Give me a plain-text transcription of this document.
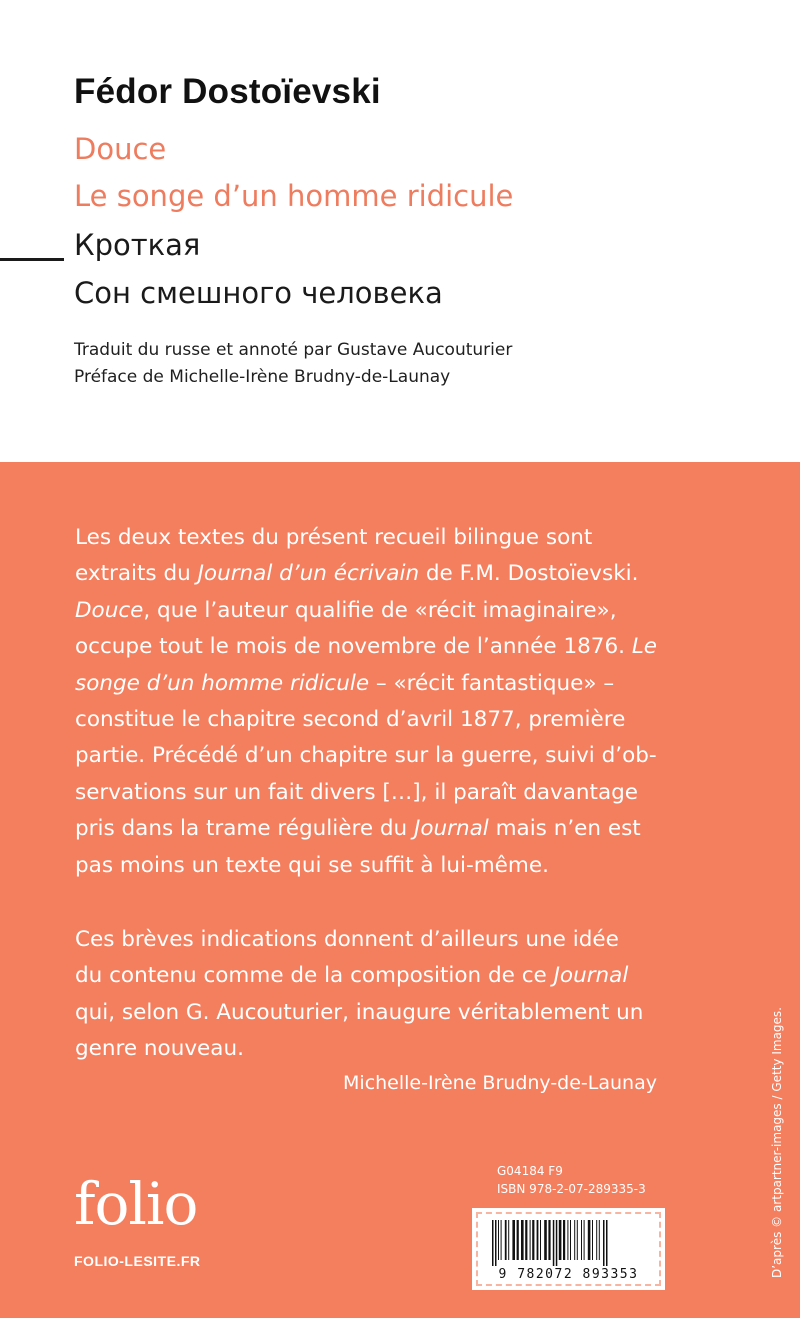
Fédor Dostoïevski

Douce

Le songe d’un homme ridicule

Кроткая

Сон смешного человека

Traduit du russe et annoté par Gustave Aucouturier

Préface de Michelle-Irène Brudny-de-Launay

Les deux textes du présent recueil bilingue sont
extraits du Journal d’un écrivain de F.M. Dostoïevski.
Douce, que l’auteur qualifie de «récit imaginaire»,
occupe tout le mois de novembre de l’année 1876. Le
songe d’un homme ridicule – «récit fantastique» –
constitue le chapitre second d’avril 1877, première
partie. Précédé d’un chapitre sur la guerre, suivi d’ob-
servations sur un fait divers […], il paraît davantage
pris dans la trame régulière du Journal mais n’en est
pas moins un texte qui se suffit à lui-même.
Ces brèves indications donnent d’ailleurs une idée
du contenu comme de la composition de ce Journal
qui, selon G. Aucouturier, inaugure véritablement un
genre nouveau.

Michelle-Irène Brudny-de-Launay

G04184 F9

ISBN 978-2-07-289335-3

folio

FOLIO-LESITE.FR

9 782072 893353	D’après © artpartner-images / Getty Images.
